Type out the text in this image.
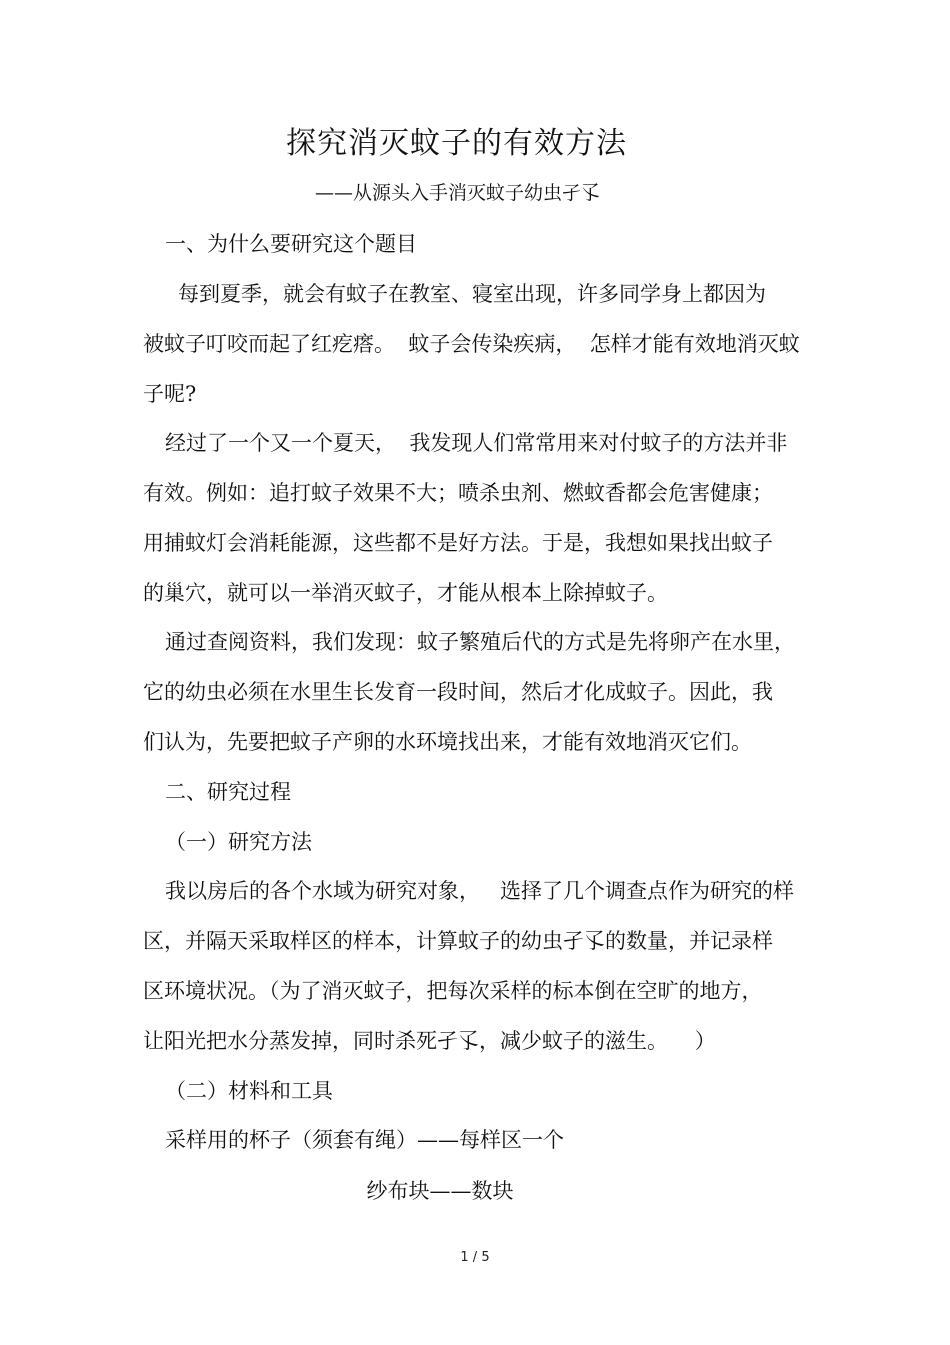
探究消灭蚊子的有效方法
——从源头入手消灭蚊子幼虫孑孓
一、为什么要研究这个题目
每到夏季，就会有蚊子在教室、寝室出现，许多同学身上都因为
被蚊子叮咬而起了红疙瘩。  蚊子会传染疾病，  怎样才能有效地消灭蚊
子呢?
经过了一个又一个夏天，  我发现人们常常用来对付蚊子的方法并非
有效。例如：追打蚊子效果不大；喷杀虫剂、燃蚊香都会危害健康；
用捕蚊灯会消耗能源，这些都不是好方法。于是，我想如果找出蚊子
的巢穴，就可以一举消灭蚊子，才能从根本上除掉蚊子。
通过查阅资料，我们发现：蚊子繁殖后代的方式是先将卵产在水里，
它的幼虫必须在水里生长发育一段时间，然后才化成蚊子。因此，我
们认为，先要把蚊子产卵的水环境找出来，才能有效地消灭它们。
二、研究过程
（一）研究方法
我以房后的各个水域为研究对象，   选择了几个调查点作为研究的样
区，并隔天采取样区的样本，计算蚊子的幼虫孑孓的数量，并记录样
区环境状况。（为了消灭蚊子，把每次采样的标本倒在空旷的地方，
让阳光把水分蒸发掉，同时杀死孑孓，减少蚊子的滋生。    ）
（二）材料和工具
采样用的杯子（须套有绳）——每样区一个
纱布块——数块
1 / 5
